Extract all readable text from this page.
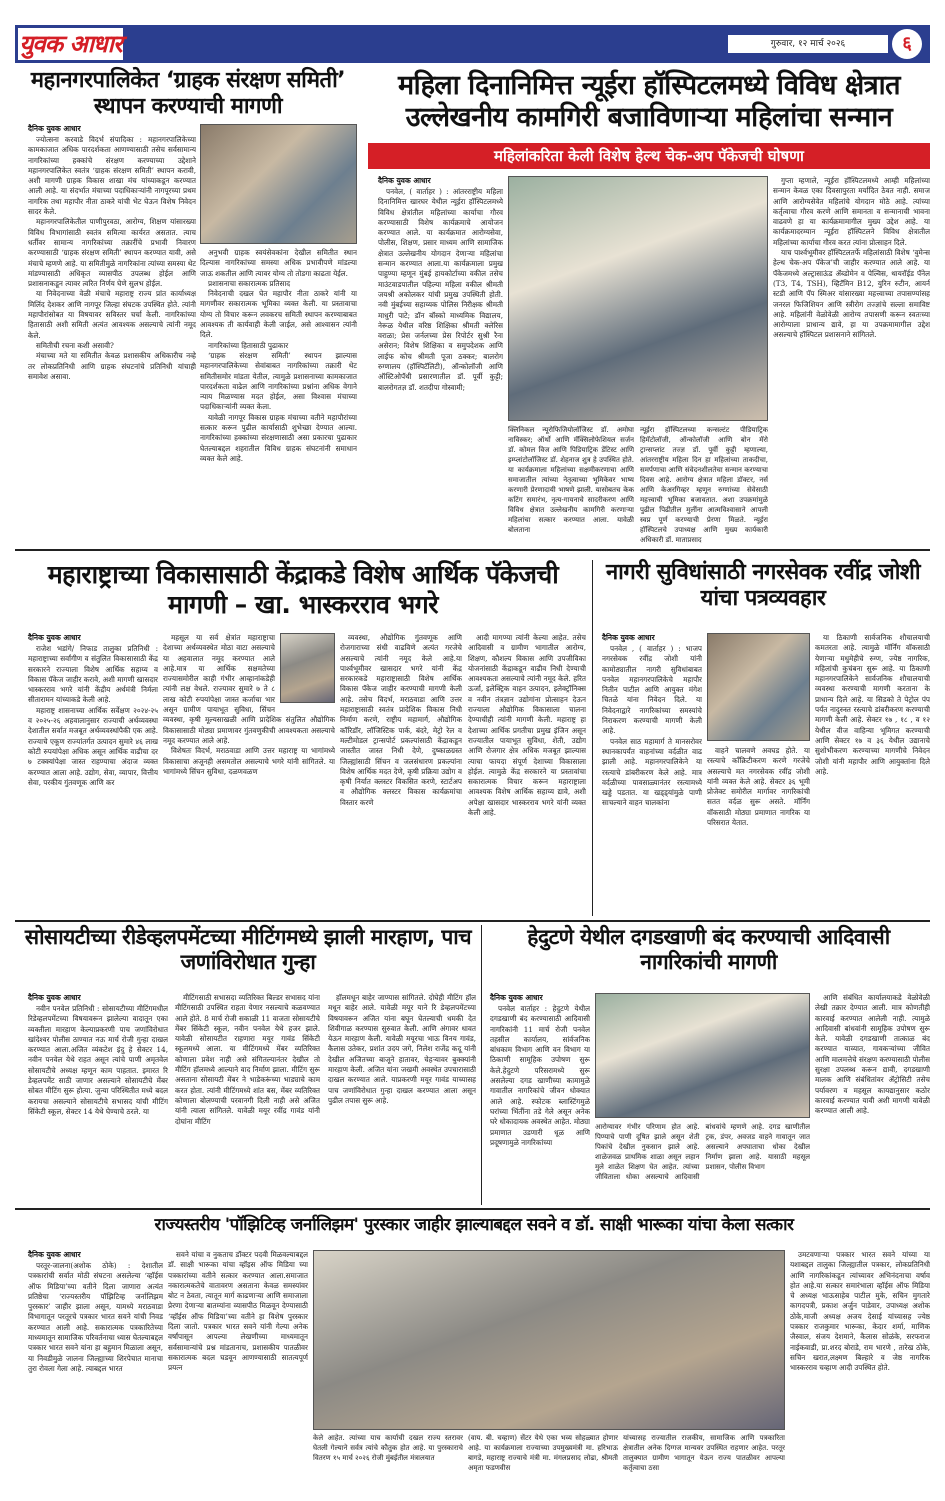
युवक आधार	गुरुवार, १२ मार्च २०२६	६
महानगरपालिकेत ‘ग्राहक संरक्षण समिती’ स्थापन करण्याची मागणी
दैनिक युवक आधार

ज्योत्सना करवाडे विदर्भ संपादिका : महानगरपालिकेच्या कामकाजात अधिक पारदर्शकता आणण्यासाठी तसेच सर्वसामान्य नागरिकांच्या हक्कांचे संरक्षण करण्याच्या उद्देशाने महानगरपालिकेत स्वतंत्र ‘ग्राहक संरक्षण समिती’ स्थापन करावी, अशी मागणी ग्राहक विकास शाखा मंच यांच्याकडून करण्यात आली आहे. या संदर्भात मंचाच्या पदाधिकाऱ्यांनी नागपूरच्या प्रथम नागरिक तथा महापौर नीता ठाकरे यांची भेट घेऊन विशेष निवेदन सादर केले.

महानगरपालिकेतील पाणीपुरवठा, आरोग्य, शिक्षण यांसारख्या विविध विभागांसाठी स्वतंत्र समित्या कार्यरत असतात. त्याच धर्तीवर सामान्य नागरिकांच्या तक्रारींचे प्रभावी निवारण करण्यासाठी ‘ग्राहक संरक्षण समिती’ स्थापन करण्यात यावी, असे मंचाचे म्हणणे आहे. या समितीमुळे नागरिकांना त्यांच्या समस्या थेट मांडण्यासाठी अधिकृत व्यासपीठ उपलब्ध होईल आणि प्रशासनाकडून त्यावर त्वरित निर्णय घेणे सुलभ होईल.

या निवेदनाच्या वेळी मंचाचे महाराष्ट्र राज्य प्रांत कार्याध्यक्ष मिलिंद देशकर आणि नागपूर जिल्हा संघटक उपस्थित होते. त्यांनी महापौरांसोबत या विषयावर सविस्तर चर्चा केली. नागरिकांच्या हितासाठी अशी समिती अत्यंत आवश्यक असल्याचे त्यांनी नमूद केले.

समितीची रचना कशी असावी?

मंचाच्या मते या समितीत केवळ प्रशासकीय अधिकारीच नव्हे तर लोकप्रतिनिधी आणि ग्राहक संघटनांचे प्रतिनिधी यांचाही समावेश असावा.

अनुभवी ग्राहक स्वयंसेवकांना देखील समितीत स्थान दिल्यास नागरिकांच्या समस्या अधिक प्रभावीपणे मांडल्या जाऊ शकतील आणि त्यावर योग्य तो तोडगा काढता येईल.

प्रशासनाचा सकारात्मक प्रतिसाद

निवेदनाची दखल घेत महापौर नीता ठाकरे यांनी या मागणीवर सकारात्मक भूमिका व्यक्त केली. या प्रस्तावाचा योग्य तो विचार करून लवकरच समिती स्थापन करण्याबाबत आवश्यक ती कार्यवाही केली जाईल, असे आश्वासन त्यांनी दिले.

नागरिकांच्या हितासाठी पुढाकार

‘ग्राहक संरक्षण समिती’ स्थापन झाल्यास महानगरपालिकेच्या सेवांबाबत नागरिकांच्या तक्रारी थेट समितीसमोर मांडता येतील, त्यामुळे प्रशासनाच्या कामकाजात पारदर्शकता वाढेल आणि नागरिकांच्या प्रश्नांना अधिक वेगाने न्याय मिळण्यास मदत होईल, असा विश्वास मंचाच्या पदाधिकाऱ्यांनी व्यक्त केला.

यावेळी नागपूर विकास ग्राहक मंचाच्या वतीने महापौरांच्या सत्कार करून पुढील कार्यासाठी शुभेच्छा देण्यात आल्या. नागरिकांच्या हक्कांच्या संरक्षणासाठी असा प्रकारचा पुढाकार घेतल्याबद्दल शहरातील विविध ग्राहक संघटनांनी समाधान व्यक्त केले आहे.

महिला दिनानिमित्त न्यूईरा हॉस्पिटलमध्ये विविध क्षेत्रात उल्लेखनीय कामगिरी बजाविणाऱ्या महिलांचा सन्मान
महिलांकरिता केली विशेष हेल्थ चेक-अप पॅकेजची घोषणा
दैनिक युवक आधार

पनवेल, ( वार्ताहर ) : आंतरराष्ट्रीय महिला दिनानिमित्त खारघर येथील न्यूईरा हॉस्पिटलमध्ये विविध क्षेत्रांतील महिलांच्या कार्याचा गौरव करण्यासाठी विशेष कार्यक्रमाचे आयोजन करण्यात आले. या कार्यक्रमात आरोग्यसेवा, पोलीस, शिक्षण, प्रसार माध्यम आणि सामाजिक क्षेत्रात उल्लेखनीय योगदान देणाऱ्या महिलांचा सन्मान करण्यात आला.या कार्यक्रमाला प्रमुख पाहुण्या म्हणून मुंबई हायकोर्टाच्या वकील तसेच माउंटवाडपातील पहिल्या महिला वकील श्रीमती जयश्री अकोलकर यांची प्रमुख उपस्थिती होती. नवी मुंबईच्या सहाय्यक पोलिस निरीक्षक श्रीमती माधुरी पाटे; डॉन बॉस्को माध्यमिक विद्यालय, नेरूळ येथील वरिष्ठ शिक्षिका श्रीमती क्लेरिस वराळा; प्रेस जर्नलच्या प्रेस रिपोर्टर सुश्री रैना असेरान; विशेष शिक्षिका व समुपदेशक आणि लाईफ कोच श्रीमती पूजा ठक्कर; बालरोग रुग्णालय (हॉस्पिटॅलिटी), ऑन्कोलॉजी आणि ऑस्टिओपॅथी प्रसारणातील डॉ. पूर्वी कुट्टी; बालरोगतज्ञ डॉ. शतदीपा गोस्वामी;

क्लिनिकल न्यूरोफिजियोलॉजिस्ट डॉ. अमोघा नाविस्कर; ऑर्थो आणि मॅक्सिलोफेशियल सर्जन डॉ. कोमल विज आणि पिडियाट्रिक डेंटिस्ट आणि इम्प्लांटोलॉजिस्ट डॉ. शेहनाज शुत्र हे उपस्थित होते. या कार्यक्रमाला महिलांच्या सक्षमीकरणाचा आणि समाजातील त्यांच्या नेतृत्वाच्या भूमिकेवर भाष्य करणारी प्रेरणादायी भाषणे झाली. यासोबतच केक कटिंग समारंभ, नृत्य-गायनाचे सादरीकरण आणि विविध क्षेत्रात उल्लेखनीय कामगिरी करणाऱ्या महिलांचा सत्कार करण्यात आला. यावेळी बोलताना
न्यूईरा हॉस्पिटलच्या कन्सल्टंट पीडियाट्रिक हिमॅटोलॉजी, ऑन्कोलॉजी आणि बोन मॅरो ट्रान्सप्लांट तज्ज्ञ डॉ. पूर्वी कुट्टी म्हणाल्या, आंतरराष्ट्रीय महिला दिन हा महिलांच्या ताकदीचा, समर्पणाचा आणि संवेदनशीलतेचा सन्मान करण्याचा दिवस आहे. आरोग्य क्षेत्रात महिला डॉक्टर, नर्स आणि केअरगिव्हर म्हणून रुग्णांच्या सेवेसाठी महत्त्वाची भूमिका बजावतात. अशा उपक्रमांमुळे पुढील पिढीतील मुलींना आत्मविश्वासाने आपली स्वप्न पूर्ण करण्याची प्रेरणा मिळते. न्यूईरा हॉस्पिटलचे उपाध्यक्ष आणि मुख्य कार्यकारी अधिकारी डॉ. माताप्रसाद

गुप्ता म्हणाले, न्यूईरा हॉस्पिटलमध्ये आम्ही महिलांच्या सन्मान केवळ एका दिवसापुरता मर्यादित ठेवत नाही. समाज आणि आरोग्यसेवेत महिलांचे योगदान मोठे आहे. त्यांच्या कर्तृत्वाचा गौरव करणे आणि समानता व सन्मानाची भावना वाढवणे हा या कार्यक्रमामागील मुख्य उद्देश आहे. या कार्यक्रमादरम्यान न्यूईरा हॉस्पिटलने विविध क्षेत्रातील महिलांच्या कार्याचा गौरव करत त्यांना प्रोत्साहन दिले.

याच पार्श्वभूमीवर हॉस्पिटलतर्फे महिलांसाठी विशेष ‘वुमेन्स हेल्थ चेक-अप पॅकेज’ची जाहीर करण्यात आले आहे. या पॅकेजमध्ये अल्ट्रासाऊंड ॲब्डोमेन व पेल्विस, थायरॉईड पॅनेल (T3, T4, TSH), व्हिटॅमिन B12, युरिन रुटीन, आयर्न स्टडी आणि पॅप स्मिअर यांसारख्या महत्त्वाच्या तपासण्यांसह जनरल फिजिशियन आणि स्त्रीरोग तज्ज्ञांचे सल्ला समाविष्ट आहे. महिलांनी वेळोवेळी आरोग्य तपासणी करून स्वतःच्या आरोग्याला प्राधान्य द्यावे, हा या उपक्रमामागील उद्देश असल्याचे हॉस्पिटल प्रशासनाने सांगितले.

महाराष्ट्राच्या विकासासाठी केंद्राकडे विशेष आर्थिक पॅकेजची मागणी – खा. भास्करराव भगरे
दैनिक युवक आधार

राजेश भडांगे/ निफाड तालुका प्रतिनिधी : महाराष्ट्राच्या सर्वांगीण व संतुलित विकासासाठी केंद्र सरकारने राज्याला विशेष आर्थिक सहाय्य व विकास पॅकेज जाहीर करावे, अशी मागणी खासदार भास्करराव भगरे यांनी केंद्रीय अर्थमंत्री निर्मला सीतारामन यांच्याकडे केली आहे.

महाराष्ट्र शासनाच्या आर्थिक सर्वेक्षण २०२४-२५ व २०२५-२६ अहवालानुसार राज्याची अर्थव्यवस्था देशातील सर्वात मजबूत अर्थव्यवस्थांपैकी एक आहे. राज्याचे एकूण राज्यांतर्गत उत्पादन सुमारे ४६ लाख कोटी रुपयांपेक्षा अधिक असून आर्थिक वाढीचा दर ७ टक्क्यांपेक्षा जास्त राहण्याचा अंदाज व्यक्त करण्यात आला आहे. उद्योग, सेवा, व्यापार, वित्तीय सेवा, परकीय गुंतवणूक आणि कर

महसूल या सर्व क्षेत्रांत महाराष्ट्राचा देशाच्या अर्थव्यवस्थेत मोठा वाटा असल्याचे या अहवालात नमूद करण्यात आले आहे.मात्र या आर्थिक सक्षमतेच्या राज्यासमोरील काही गंभीर आव्हानांकडेही त्यांनी लक्ष वेधले. राज्यावर सुमारे ७ ते ८ लाख कोटी रुपयांपेक्षा जास्त कर्जाचा भार असून ग्रामीण पायाभूत सुविधा, सिंचन व्यवस्था, कृषी मूल्यसाखळी आणि प्रादेशिक संतुलित औद्योगिक विकासासाठी मोठ्या प्रमाणावर गुंतवणुकीची आवश्यकता असल्याचे नमूद करण्यात आले आहे.

विशेषतः विदर्भ, मराठवाडा आणि उत्तर महाराष्ट्र या भागांमध्ये विकासाचा अजूनही असमतोल असल्याचे भगरे यांनी सांगितले. या भागांमध्ये सिंचन सुविधा, दळणवळण

व्यवस्था, औद्योगिक गुंतवणूक आणि रोजगाराच्या संधी वाढविणे अत्यंत गरजेचे असल्याचे त्यांनी नमूद केले आहे.या पार्श्वभूमीवर खासदार भगरे यांनी केंद्र सरकारकडे महाराष्ट्रासाठी विशेष आर्थिक विकास पॅकेज जाहीर करण्याची मागणी केली आहे. तसेच विदर्भ, मराठवाडा आणि उत्तर महाराष्ट्रासाठी स्वतंत्र प्रादेशिक विकास निधी निर्माण करणे, राष्ट्रीय महामार्ग, औद्योगिक कॉरिडॉर, लॉजिस्टिक पार्क, बंदरे, मेट्रो रेल व मल्टीमोडल ट्रान्सपोर्ट प्रकल्पांसाठी केंद्राकडून जास्तीत जास्त निधी देणे, दुष्काळग्रस्त जिल्ह्यांसाठी सिंचन व जलसंधारण प्रकल्पांना विशेष आर्थिक मदत देणे, कृषी प्रक्रिया उद्योग व कृषी निर्यात क्लस्टर विकसित करणे, स्टार्टअप व औद्योगिक क्लस्टर विकास कार्यक्रमांचा विस्तार करणे

आदी मागण्या त्यांनी केल्या आहेत. तसेच आदिवासी व ग्रामीण भागातील आरोग्य, शिक्षण, कौशल्य विकास आणि उपजीविका योजनांसाठी केंद्राकडून वाढीव निधी देण्याची आवश्यकता असल्याचे त्यांनी नमूद केले. हरित ऊर्जा, इलेक्ट्रिक वाहन उत्पादन, इलेक्ट्रॉनिक्स व नवीन तंत्रज्ञान उद्योगांना प्रोत्साहन देऊन राज्याला औद्योगिक विकासाला चालना देण्याचीही त्यांनी मागणी केली. महाराष्ट्र हा देशाच्या आर्थिक प्रगतीचा प्रमुख इंजिन असून राज्यातील पायाभूत सुविधा, शेती, उद्योग आणि रोजगार क्षेत्र अधिक मजबूत झाल्यास त्याचा फायदा संपूर्ण देशाच्या विकासाला होईल. त्यामुळे केंद्र सरकारने या प्रस्तावांचा सकारात्मक विचार करून महाराष्ट्राला आवश्यक विशेष आर्थिक सहाय्य द्यावे, अशी अपेक्षा खासदार भास्करराव भगरे यांनी व्यक्त केली आहे.

नागरी सुविधांसाठी नगरसेवक रवींद्र जोशी यांचा पत्रव्यवहार
दैनिक युवक आधार

पनवेल , ( वार्ताहर ) : भाजप नगरसेवक रवींद्र जोशी यांनी कामोठ्यातील नागरी सुविधांबाबत पनवेल महानगरपालिकेचे महापौर नितीन पाटील आणि आयुक्त मंगेश चितळे यांना निवेदन दिले. या निवेदनाद्वारे नागरिकांच्या समस्यांचे निराकरण करण्याची मागणी केली आहे.

पनवेल साठ महामार्ग ते मानसरोवर स्थानकापर्यंत वाहनांच्या वर्दळीत वाढ झाली आहे. महानगरपालिकेने या रस्त्याचे डांबरीकरण केले आहे. मात्र वर्दळीच्या पावसाळ्यानंतर रस्त्यामध्ये खड्डे पडतात. या खड्ड्यांमुळे पाणी साचल्याने वाहन चालकांना

वाहने चालवणे अवघड होते. या रस्त्याचे कॉंक्रिटीकरण करणे गरजेचे असल्याचे मत नगरसेवक रवींद्र जोशी यांनी व्यक्त केले आहे. सेक्टर ३६ भूमी प्रोजेक्ट समोरील मार्गावर नागरिकांची सतत वर्दळ सुरू असते. मॉर्निंग वॉकसाठी मोठ्या प्रमाणात नागरिक या परिसरात येतात.

या ठिकाणी सार्वजनिक शौचालयाची कमतरता आहे. त्यामुळे मॉर्निंग वॉकसाठी येणाऱ्या मधुमेहीचे रुग्ण, ज्येष्ठ नागरिक, महिलांची कुचंबना सुरू आहे. या ठिकाणी महानगरपालिकेने सार्वजनिक शौचालयाची व्यवस्था करण्याची मागणी करताना के प्राधान्य दिले आहे. या सिडको ते पेट्रोल पंप पर्यंत नादुरुस्त रस्त्याचे डांबरीकरण करण्याची मागणी केली आहे. सेक्टर १७ , १८ , व १२ येथील वीज वाहिन्या भूमिगत करण्याची आणि सेक्टर १७ व ३६ येथील उद्यानाचे सुशोभीकरण करण्याच्या मागणीचे निवेदन जोशी यांनी महापौर आणि आयुक्तांना दिले आहे.

सोसायटीच्या रीडेव्हलपमेंटच्या मीटिंगमध्ये झाली मारहाण, पाच जणांविरोधात गुन्हा
दैनिक युवक आधार

नवीन पनवेल प्रतिनिधी : सोसायटीच्या मीटिंगमधील रिडेव्हलपमेंटच्या विषयावरून झालेल्या वादातून एका व्यक्तीला मारहाण केल्याप्रकरणी पाच जणांविरोधात खांदेश्वर पोलीस ठाण्यात नऊ मार्च रोजी गुन्हा दाखल करण्यात आला.अजित व्यंकटेश इंदु हे सेक्टर 14, नवीन पनवेल येथे राहत असून त्यांचे पाणी अमृतवेल सोसायटीचे अध्यक्ष म्हणून काम पाहतात. इमारत रि डेव्हलपमेंट साठी जाणार असल्याने सोसायटीचे मेंबर सोबत मीटिंग सुरू होत्या. जुन्या परिस्थितीत मध्ये बदल करायचा असल्याने सोसायटीचे सभासद यांची मीटिंग सिंकेटी स्कूल, सेक्टर 14 येथे घेण्याचे ठरले. या

मीटिंगसाठी सभासदा व्यतिरिक्त बिल्डर सभासद यांना मीटिंगसाठी उपस्थित राहता येणार नसल्याचे कळवण्यात आले होते. 8 मार्च रोजी सकाळी 11 वाजता सोसायटीचे मेंबर सिंकेटी स्कूल, नवीन पनवेल येथे हजर झाले. यावेळी सोसायटीत राहणारा मयूर गावंड सिंकेटी स्कूलमध्ये आला. या मीटिंगमध्ये मेंबर व्यतिरिक्त कोणाला प्रवेश नाही असे संगितल्यानंतर देखील तो मीटिंग हॉलमध्ये आल्याने वाद निर्माण झाला. मीटिंग सुरू असताना सोसायटी मेंबर ने भाडेकरूंच्या भाड्याचे काम करत होता. त्यांनी मीटिंगमध्ये शांत बस, मेंबर व्यतिरिक्त कोणाला बोलण्याची परवानगी दिली नाही असे अजित यांनी त्याला सांगितले. यावेळी मयूर रवींद्र गावंड यांनी दोघांना मीटिंग

हॉलमधून बाहेर जाण्यास सांगितले. दोघेही मीटिंग हॉल मधून बाहेर आले. यावेळी मयूर याने रि डेव्हलपमेंटच्या विषयावरून अजित यांना बघून घेतल्याची धमकी देत शिवीगाळ करण्यास सुरुवात केली. आणि अंगावर धावत येऊन मारहाण केली. यावेळी मयूरचा भाऊ विनय गावंड, कैलास उतेकर, प्रशांत उदय जगे, निलेश राजेंद्र कदू यांनी देखील अजितच्या बाजूने हातावर, चेहऱ्यावर बुक्क्यांनी मारहाण केली. अजित यांना जखमी अवस्थेत उपचारासाठी दाखल करण्यात आले. याप्रकरणी मयूर गावंड याच्यासह पाच जणांविरोधात गुन्हा दाखल करण्यात आला असून पुढील तपास सुरू आहे.

हेदुटणे येथील दगडखाणी बंद करण्याची आदिवासी नागरिकांची मागणी
दैनिक युवक आधार

पनवेल वार्ताहर : हेदुटणे येथील दगडखाणी बंद करण्यासाठी आदिवासी नागरिकांनी 11 मार्च रोजी पनवेल तहसील कार्यालय, सांर्वजनिक बांधकाम विभाग आणि वन विभाग या ठिकाणी सामूहिक उपोषण सुरू केले.हेदुटणे परिसरामध्ये सुरू असलेल्या दगड खाणीच्या कामामुळे गावातील नागरिकांचे जीवन धोक्यात आले आहे. स्फोटक ब्लास्टिंगमुळे घरांच्या भिंतींना तडे गेले असून अनेक घरे धोकादायक अवस्थेत आहेत. मोठ्या प्रमाणात उडणारी धूळ आणि प्रदूषणामुळे नागरिकांच्या

आरोग्यावर गंभीर परिणाम होत आहे. पिण्याचे पाणी दूषित झाले असून शेती पिकांचे देखील नुकसान झाले आहे. शाळेजवळ प्राथमिक शाळा असून लहान मुले शाळेत शिक्षण घेत आहेत. त्यांच्या जीविताला धोका असल्याचे आदिवासी बांधवांचे म्हणणे आहे. दगड खाणीतील ट्रक, डंपर, अवजड वाहने गावातून जात असल्याने अपघाताचा धोका देखील निर्माण झाला आहे. यासाठी महसूल प्रशासन, पोलीस विभाग

आणि संबंधित कार्यालयाकडे वेळोवेळी लेखी तक्रार देण्यात आली. मात्र कोणतीही कारवाई करण्यात आलेली नाही. त्यामुळे आदिवासी बांधवांनी सामूहिक उपोषण सुरू केले. यावेळी दगडखाणी तात्काळ बंद करण्यात याव्यात, गावकऱ्यांच्या जीवित आणि मालमत्तेचे संरक्षण करण्यासाठी पोलीस सुरक्षा उपलब्ध करून द्यावी, दगडखाणी मालक आणि संबंधितांवर ॲट्रोसिटी तसेच पर्यावरण व महसूल कायद्यानुसार कठोर कारवाई करण्यात यावी अशी मागणी यावेळी करण्यात आली आहे.

राज्यस्तरीय 'पॉझिटिव्ह जर्नालिझम' पुरस्कार जाहीर झाल्याबद्दल सवने व डॉ. साक्षी भारूका यांचा केला सत्कार
दैनिक युवक आधार

परतूर-जालना(अशोक ठोके) : देशातील पत्रकारांची सर्वात मोठी संघटना असलेल्या ‘व्हॉईस ऑफ मिडिया’च्या वतीने दिला जाणारा अत्यंत प्रतिष्ठेचा ‘राज्यस्तरीय पॉझिटिव्ह जर्नालिझम पुरस्कार’ जाहीर झाला असून, यामध्ये मराठवाडा विभागातून परतूरचे पत्रकार भारत सवने यांची निवड करण्यात आली आहे. सकारात्मक पत्रकारितेच्या माध्यमातून सामाजिक परिवर्तनाचा ध्यास घेतल्याबद्दल पत्रकार भारत सवने यांना हा बहुमान मिळाला असून, या निवडीमुळे जालना जिल्ह्याच्या शिरपेचात मानाचा तुरा रोवला गेला आहे. त्याबद्दल भारत

सवने यांचा व नुकताच डॉक्टर पदवी मिळवल्याबद्दल डॉ. साक्षी भारूका यांचा व्हॉइस ऑफ मिडिया च्या पत्रकारांच्या वतीने सत्कार करण्यात आला.समाजात नकारात्मकतेचे वातावरण असताना केवळ समस्यांवर बोट न ठेवता, त्यातून मार्ग काढणाऱ्या आणि समाजाला प्रेरणा देणाऱ्या बातम्यांना व्यासपीठ मिळवून देण्यासाठी ‘व्हॉईस ऑफ मिडिया’च्या वतीने हा विशेष पुरस्कार दिला जातो. पत्रकार भारत सवने यांनी गेल्या अनेक वर्षांपासून आपल्या लेखणीच्या माध्यमातून सर्वसामान्यांचे प्रश्न मांडतानाच, प्रशासकीय पातळीवर सकारात्मक बदल घडवून आणण्यासाठी सातत्यपूर्ण प्रयत्न

केले आहेत. त्यांच्या याच कार्याची दखल राज्य स्तरावर घेतली गेल्याने सर्वत्र त्यांचे कौतुक होत आहे. या पुरस्काराचे वितरण १५ मार्च २०२६ रोजी मुंबईतील मंत्रालयात
(वाय. बी. चव्हाण) सेंटर येथे एका भव्य सोहळ्यात होणार आहे. या कार्यक्रमाला राज्याच्या उपमुख्यमंत्री मा. हरिभाऊ बागडे, महाराष्ट्र राज्याचे मंत्री मा. मंगलप्रसाद लोढा, श्रीमती अमृता फडणवीस
यांच्यासह राज्यातील राजकीय, सामाजिक आणि पत्रकारिता क्षेत्रातील अनेक दिग्गज मान्यवर उपस्थित राहणार आहेत. परतूर तालुक्यात ग्रामीण भागातून येऊन राज्य पातळीवर आपल्या कर्तृत्वाचा ठसा

उमटवणाऱ्या पत्रकार भारत सवने यांच्या या यशाबद्दल तालुका जिल्ह्यातील पत्रकार, लोकप्रतिनिधी आणि नागरिकांकडून त्यांच्यावर अभिनंदनाचा वर्षाव होत आहे.या सत्कार समारंभाला व्हॉईस ऑफ मिडिया चे अध्यक्ष भाऊसाहेब पाटील मुके, सचिन मुगतारे कागदपत्री, प्रकाश अर्जुन पाडेवार, उपाध्यक्ष अशोक ठोके,माजी अध्यक्ष अजय देसाई यांच्यासह ज्येष्ठ पत्रकार राजकुमार भारूका, केदार शर्मा, माणिक जैस्वाल, संजय देशमाने, कैलास सोळंके, सरफराज नाईकवाडी, प्रा.शरद बोराडे, राम भारणे , तारेख ठोके, सचिन खरात,लक्ष्मण बिल्हारे व जेष्ठ नागरिक भास्करराव चव्हाण आदी उपस्थित होते.
